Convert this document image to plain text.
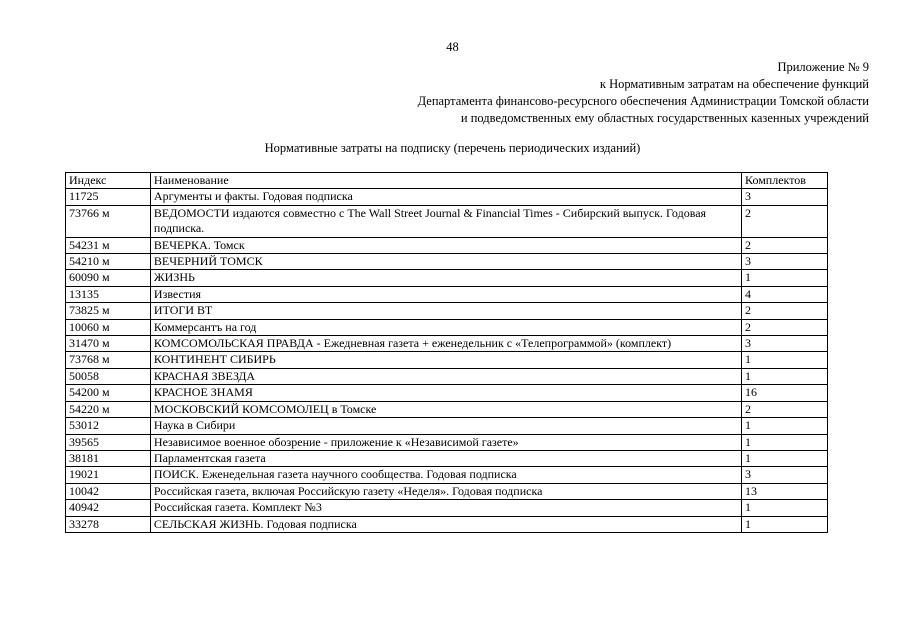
48
Приложение № 9
к Нормативным затратам на обеспечение функций
Департамента финансово-ресурсного обеспечения Администрации Томской области
и подведомственных ему областных государственных казенных учреждений
Нормативные затраты на подписку (перечень периодических изданий)
Индекс	Наименование	Комплектов
11725	Аргументы и факты. Годовая подписка	3
73766 м	ВЕДОМОСТИ издаются совместно с The Wall Street Journal & Financial Times - Сибирский выпуск. Годовая подписка.	2
54231 м	ВЕЧЕРКА. Томск	2
54210 м	ВЕЧЕРНИЙ ТОМСК	3
60090 м	ЖИЗНЬ	1
13135	Известия	4
73825 м	ИТОГИ ВТ	2
10060 м	Коммерсантъ на год	2
31470 м	КОМСОМОЛЬСКАЯ ПРАВДА - Ежедневная газета + еженедельник с «Телепрограммой» (комплект)	3
73768 м	КОНТИНЕНТ СИБИРЬ	1
50058	КРАСНАЯ ЗВЕЗДА	1
54200 м	КРАСНОЕ ЗНАМЯ	16
54220 м	МОСКОВСКИЙ КОМСОМОЛЕЦ в Томске	2
53012	Наука в Сибири	1
39565	Независимое военное обозрение - приложение к «Независимой газете»	1
38181	Парламентская газета	1
19021	ПОИСК. Еженедельная газета научного сообщества. Годовая подписка	3
10042	Российская газета, включая Российскую газету «Неделя». Годовая подписка	13
40942	Российская газета. Комплект №3	1
33278	СЕЛЬСКАЯ ЖИЗНЬ. Годовая подписка	1
